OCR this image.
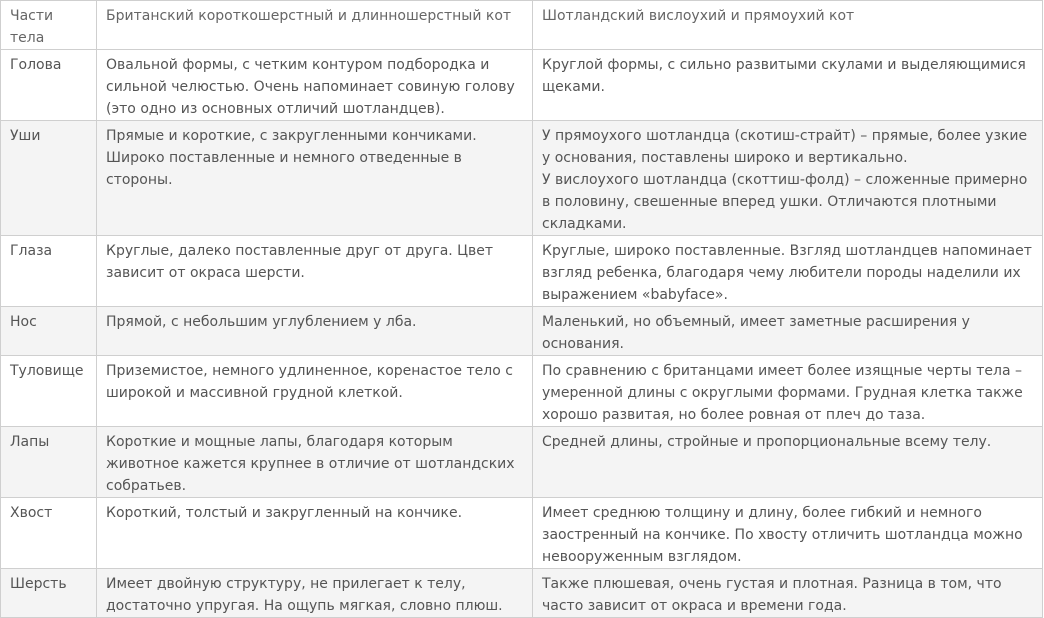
Части тела	Британский короткошерстный и длинношерстный кот	Шотландский вислоухий и прямоухий кот
Голова	Овальной формы, с четким контуром подбородка и сильной челюстью. Очень напоминает совиную голову (это одно из основных отличий шотландцев).	Круглой формы, с сильно развитыми скулами и выделяющимися щеками.
Уши	Прямые и короткие, с закругленными кончиками. Широко поставленные и немного отведенные в стороны.	У прямоухого шотландца (скотиш-страйт) – прямые, более узкие у основания, поставлены широко и вертикально.
У вислоухого шотландца (скоттиш-фолд) – сложенные примерно в половину, свешенные вперед ушки. Отличаются плотными складками.

Глаза	Круглые, далеко поставленные друг от друга. Цвет зависит от окраса шерсти.	Круглые, широко поставленные. Взгляд шотландцев напоминает взгляд ребенка, благодаря чему любители породы наделили их выражением «babyface».
Нос	Прямой, с небольшим углублением у лба.	Маленький, но объемный, имеет заметные расширения у основания.
Туловище	Приземистое, немного удлиненное, коренастое тело с широкой и массивной грудной клеткой.	По сравнению с британцами имеет более изящные черты тела – умеренной длины с округлыми формами. Грудная клетка также хорошо развитая, но более ровная от плеч до таза.
Лапы	Короткие и мощные лапы, благодаря которым животное кажется крупнее в отличие от шотландских собратьев.	Средней длины, стройные и пропорциональные всему телу.
Хвост	Короткий, толстый и закругленный на кончике.	Имеет среднюю толщину и длину, более гибкий и немного заостренный на кончике. По хвосту отличить шотландца можно невооруженным взглядом.
Шерсть	Имеет двойную структуру, не прилегает к телу, достаточно упругая. На ощупь мягкая, словно плюш.	Также плюшевая, очень густая и плотная. Разница в том, что часто зависит от окраса и времени года.
